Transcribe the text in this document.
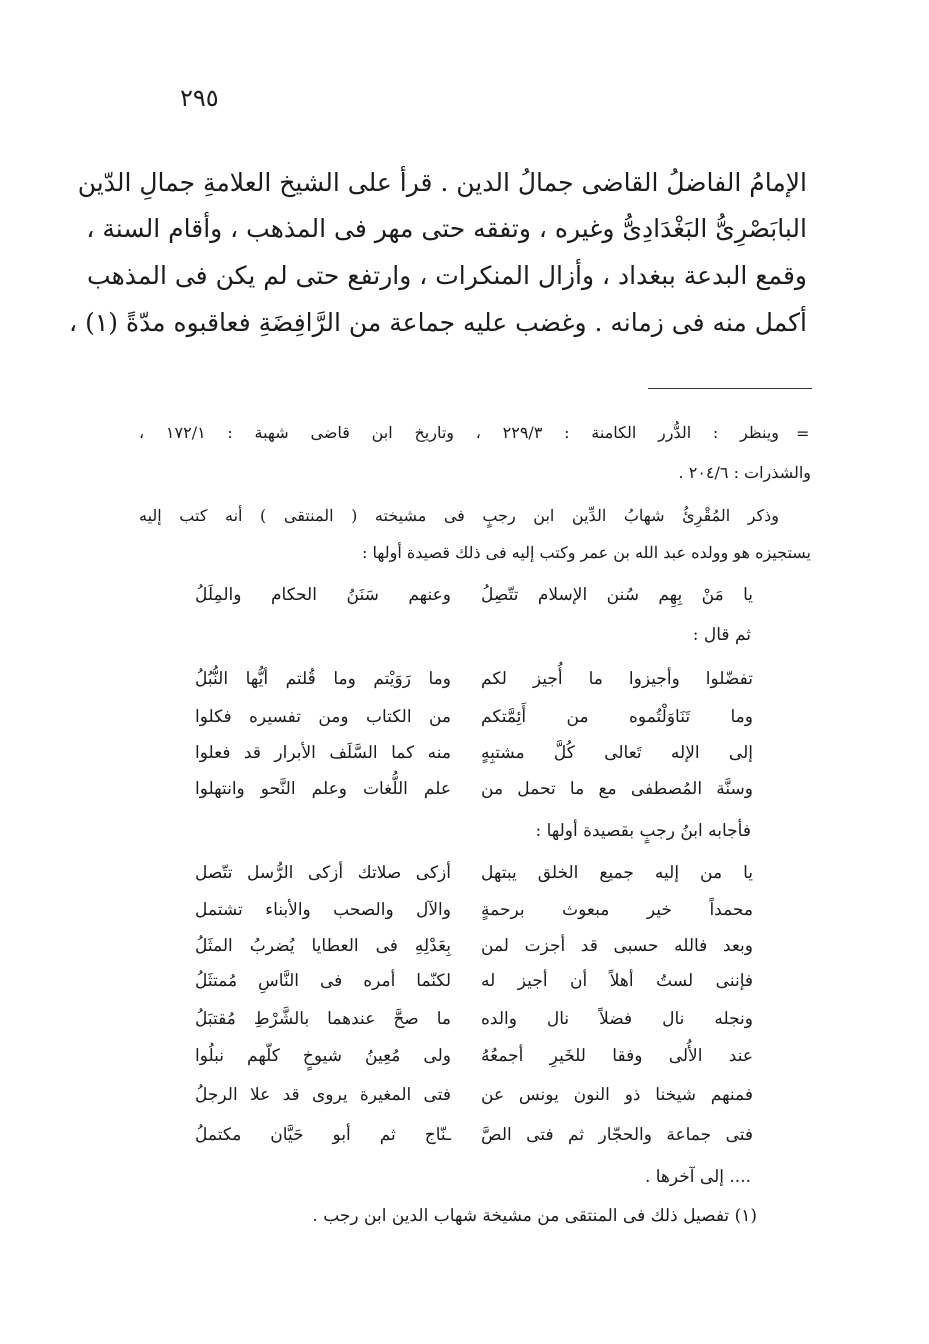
٢٩٥
الإمامُ الفاضلُ القاضى جمالُ الدين . قرأ على الشيخ العلامةِ جمالِ الدّين
البابَصْرِىُّ البَغْدَادِىُّ وغيره ، وتفقه حتى مهر فى المذهب ، وأقام السنة ،
وقمع البدعة ببغداد ، وأزال المنكرات ، وارتفع حتى لم يكن فى المذهب
أكمل منه فى زمانه . وغضب عليه جماعة من الرَّافِضَةِ فعاقبوه مدّةً (١) ،
=
وينظر : الدُّرر الكامنة : ٢٢٩/٣ ، وتاريخ ابن قاضى شهبة : ١٧٢/١ ،
والشذرات : ٢٠٤/٦ .
وذكر المُقْرِئُ شهابُ الدِّين ابن رجبٍ فى مشيخته ( المنتقى ) أنه كتب إليه
يستجيزه هو وولده عبد الله بن عمر وكتب إليه فى ذلك قصيدة أولها :
يا مَنْ بِهِم سُنن الإسلام تتّصِلُ
وعنهم سَنَنُ الحكام والمِلَلُ
ثم قال :
تفضّلوا وأجيزوا ما أُجيز لكم
وما رَوَيْتم وما قُلتم أيُّها النُّبُلُ
وما تَنَاوَلْتُموه من أَئِمَّتكم
من الكتاب ومن تفسيره فكلوا
إلى الإله تَعالى كُلَّ مشتبِهٍ
منه كما السَّلَف الأبرار قد فعلوا
وسنَّة المُصطفى مع ما تحمل من
علم اللُّغات وعلم النَّحو وانتهلوا
فأجابه ابنُ رجبٍ بقصيدة أولها :
يا من إليه جميع الخلق يبتهل
أزكى صلاتك أزكى الرُّسل تتّصل
محمداً خير مبعوث برحمةٍ
والآل والصحب والأبناء تشتمل
وبعد فالله حسبى قد أجزت لمن
بِعَدْلِهِ فى العطايا يُضربُ المثَلُ
فإننى لستُ أهلاً أن أجيز له
لكنّما أمره فى النَّاسِ مُمتثَلُ
ونجله نال فضلاً نال والده
ما صحَّ عندهما بالشَّرْطِ مُقتبَلُ
عند الأُلى وفقا للخَيرِ أجمعُهُ
ولى مُعِينُ شيوخٍ كلّهم نبلُوا
فمنهم شيخنا ذو النون يونس عن
فتى المغيرة يروى قد علا الرجلُ
فتى جماعة والحجّار ثم فتى الصَّ
ـنّاج ثم أبو حَيَّان مكتملُ
.... إلى آخرها .
(١) تفصيل ذلك فى المنتقى من مشيخة شهاب الدين ابن رجب .
